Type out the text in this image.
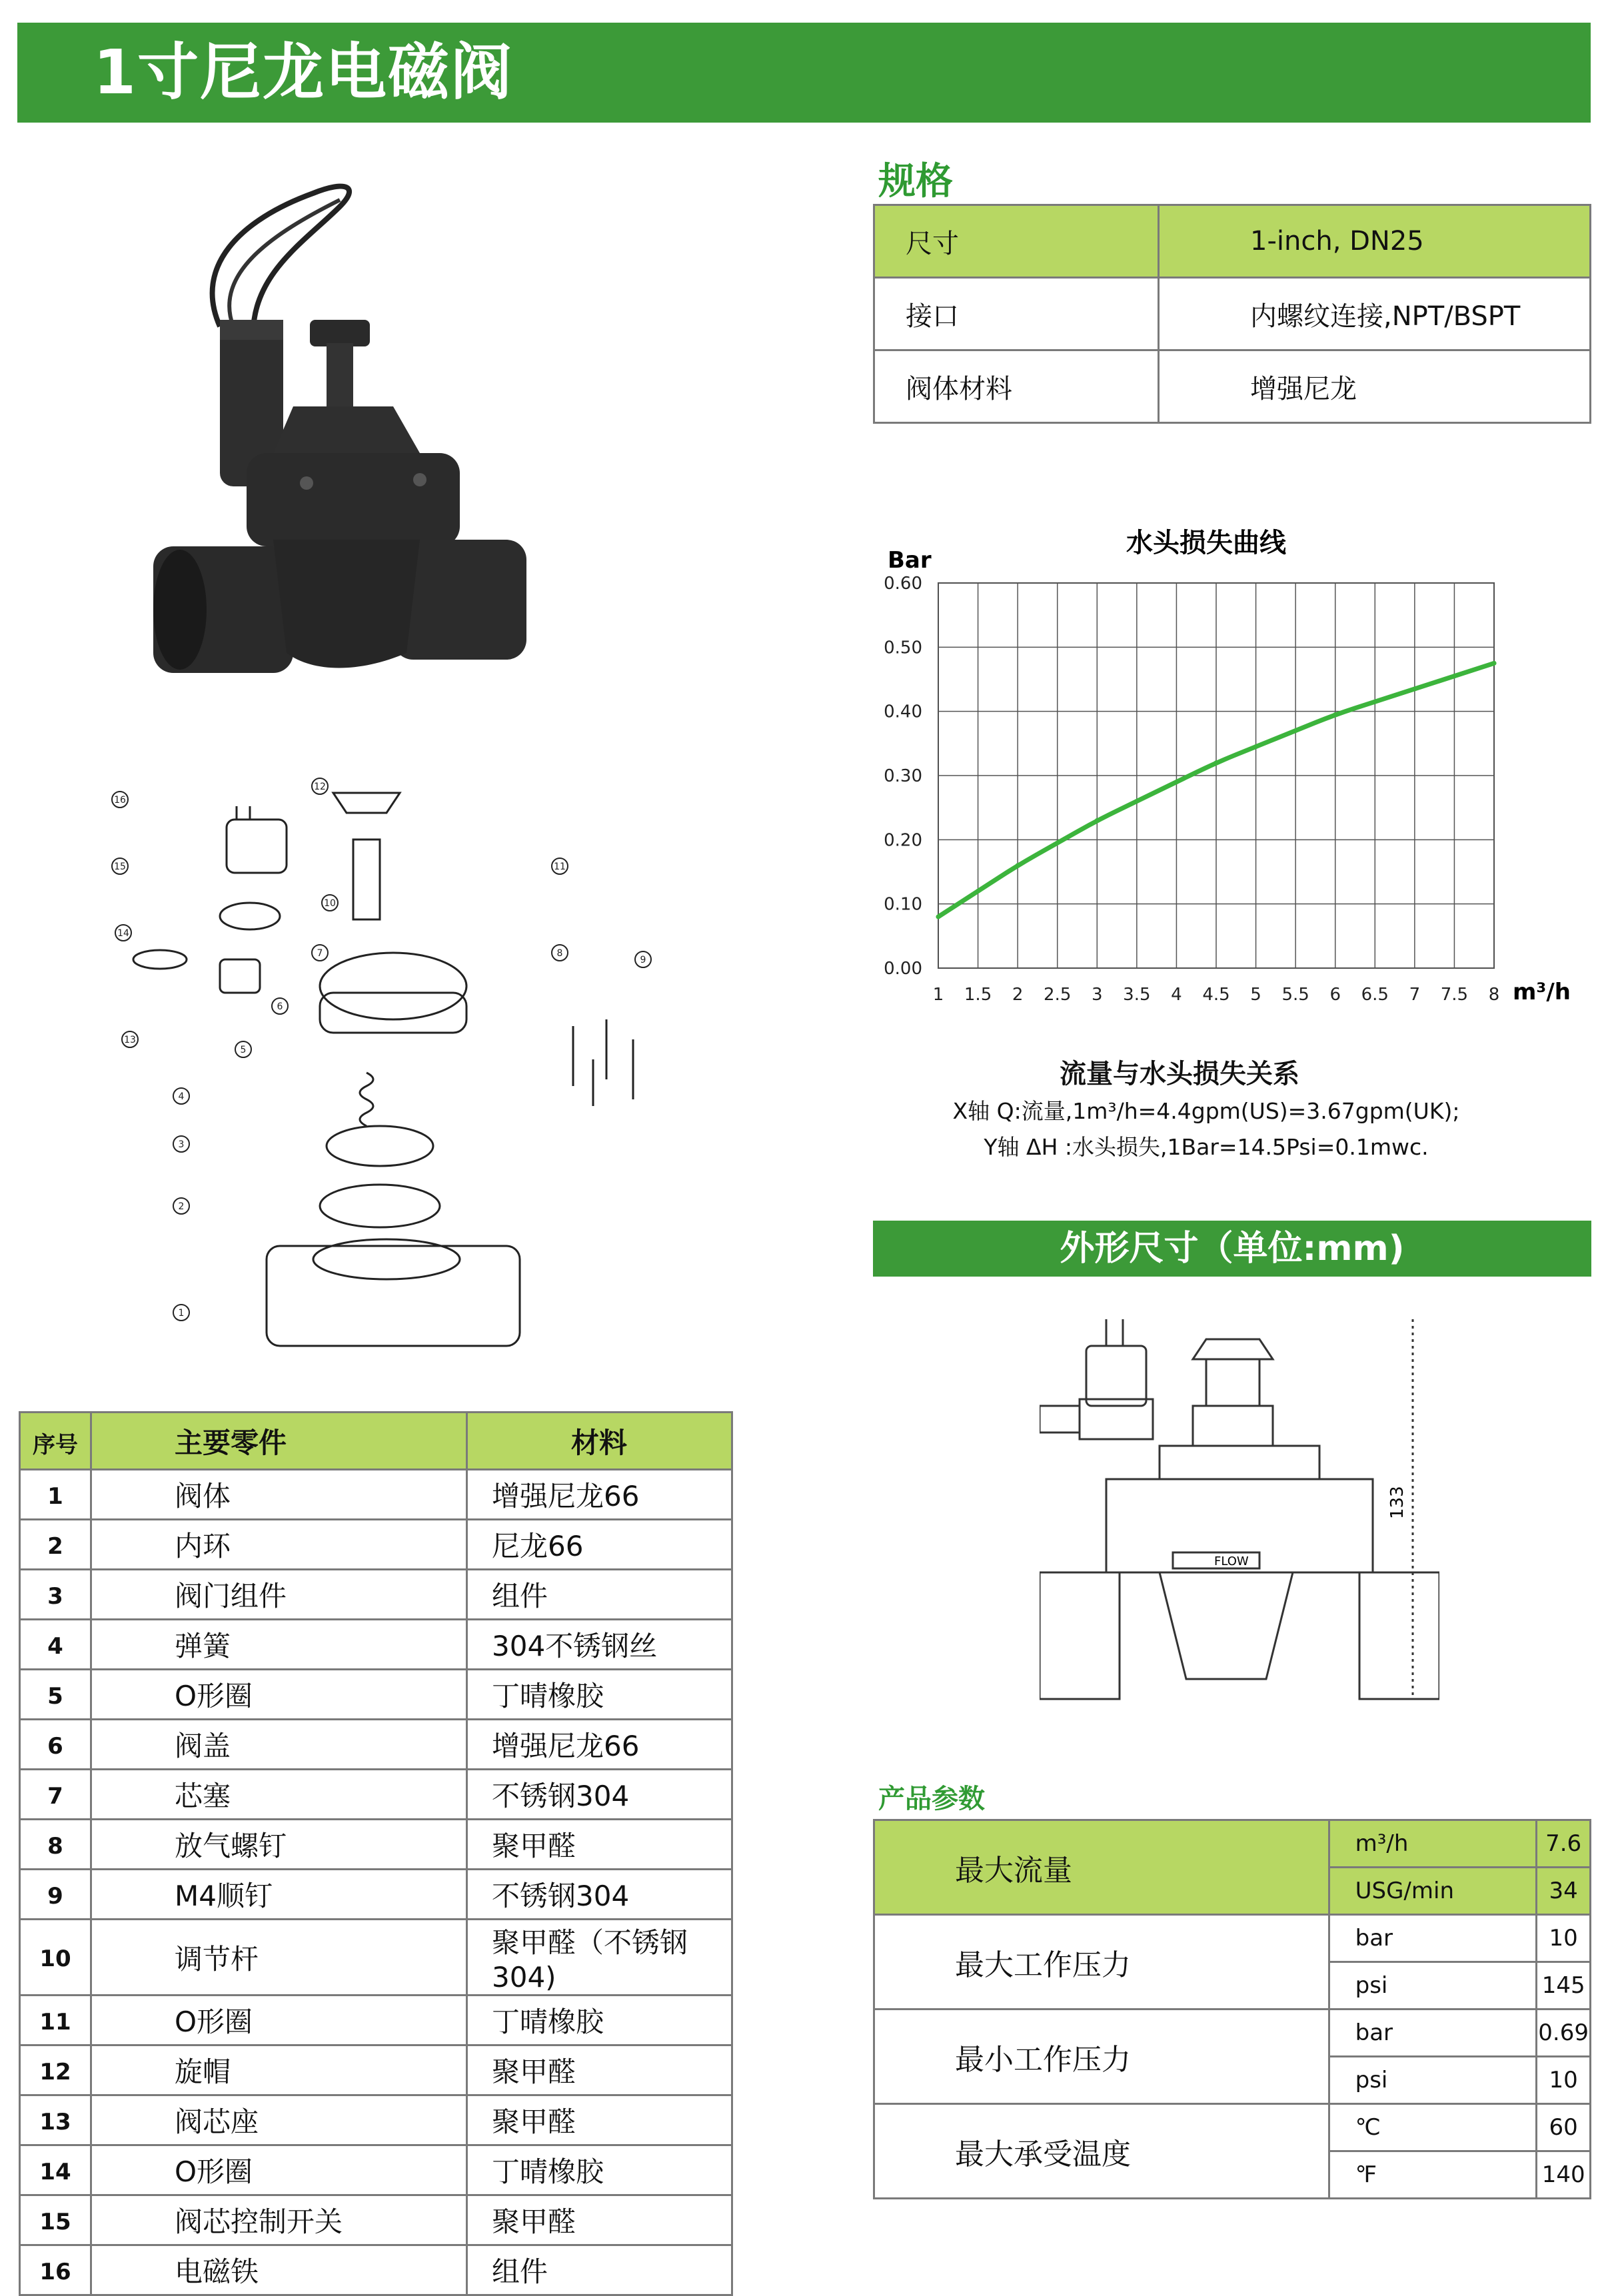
1寸尼龙电磁阀
16
15
14
13
12
11
10
9
8
7
6
5
4
3
2
1
规格
尺寸	1-inch, DN25
接口	内螺纹连接,NPT/BSPT
阀体材料	增强尼龙
水头损失曲线
Bar
m³/h
1 1.5 2 2.5 3 3.5 4 4.5 5 5.5 6 6.5 7 7.5 8
0.00
0.10
0.20
0.30
0.40
0.50
0.60
流量与水头损失关系
X轴 Q:流量,1m³/h=4.4gpm(US)=3.67gpm(UK);
Y轴 ΔH :水头损失,1Bar=14.5Psi=0.1mwc.
外形尺寸（单位:mm)
FLOW
133
产品参数
最大流量	m³/h	7.6
	USG/min	34
最大工作压力	bar	10
	psi	145
最小工作压力	bar	0.69
	psi	10
最大承受温度	℃	60
	℉	140
序号	主要零件	材料
1	阀体	增强尼龙66
2	内环	尼龙66
3	阀门组件	组件
4	弹簧	304不锈钢丝
5	O形圈	丁晴橡胶
6	阀盖	增强尼龙66
7	芯塞	不锈钢304
8	放气螺钉	聚甲醛
9	M4顺钉	不锈钢304
10	调节杆	聚甲醛（不锈钢304)
11	O形圈	丁晴橡胶
12	旋帽	聚甲醛
13	阀芯座	聚甲醛
14	O形圈	丁晴橡胶
15	阀芯控制开关	聚甲醛
16	电磁铁	组件
